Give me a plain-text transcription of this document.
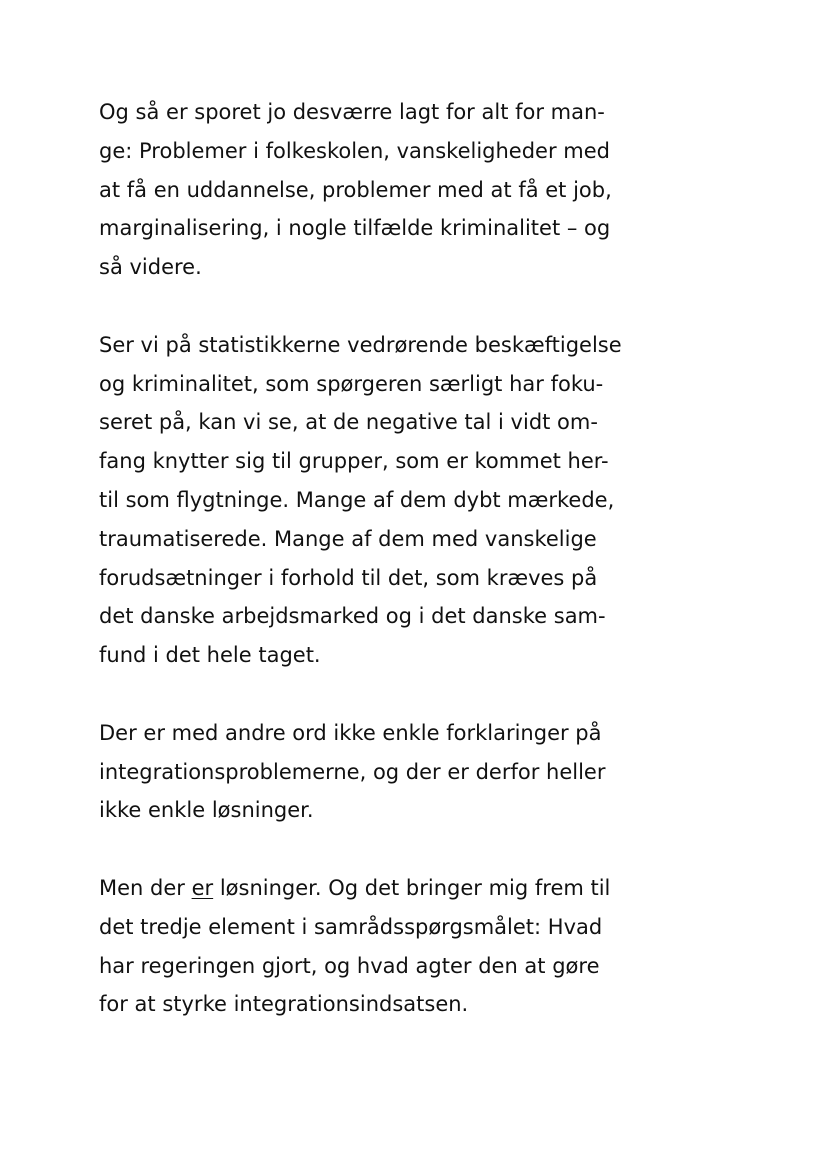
Og så er sporet jo desværre lagt for alt for man-
ge: Problemer i folkeskolen, vanskeligheder med
at få en uddannelse, problemer med at få et job,
marginalisering, i nogle tilfælde kriminalitet – og
så videre.

Ser vi på statistikkerne vedrørende beskæftigelse
og kriminalitet, som spørgeren særligt har foku-
seret på, kan vi se, at de negative tal i vidt om-
fang knytter sig til grupper, som er kommet her-
til som flygtninge. Mange af dem dybt mærkede,
traumatiserede. Mange af dem med vanskelige
forudsætninger i forhold til det, som kræves på
det danske arbejdsmarked og i det danske sam-
fund i det hele taget.

Der er med andre ord ikke enkle forklaringer på
integrationsproblemerne, og der er derfor heller
ikke enkle løsninger.

Men der er løsninger. Og det bringer mig frem til
det tredje element i samrådsspørgsmålet: Hvad
har regeringen gjort, og hvad agter den at gøre
for at styrke integrationsindsatsen.
